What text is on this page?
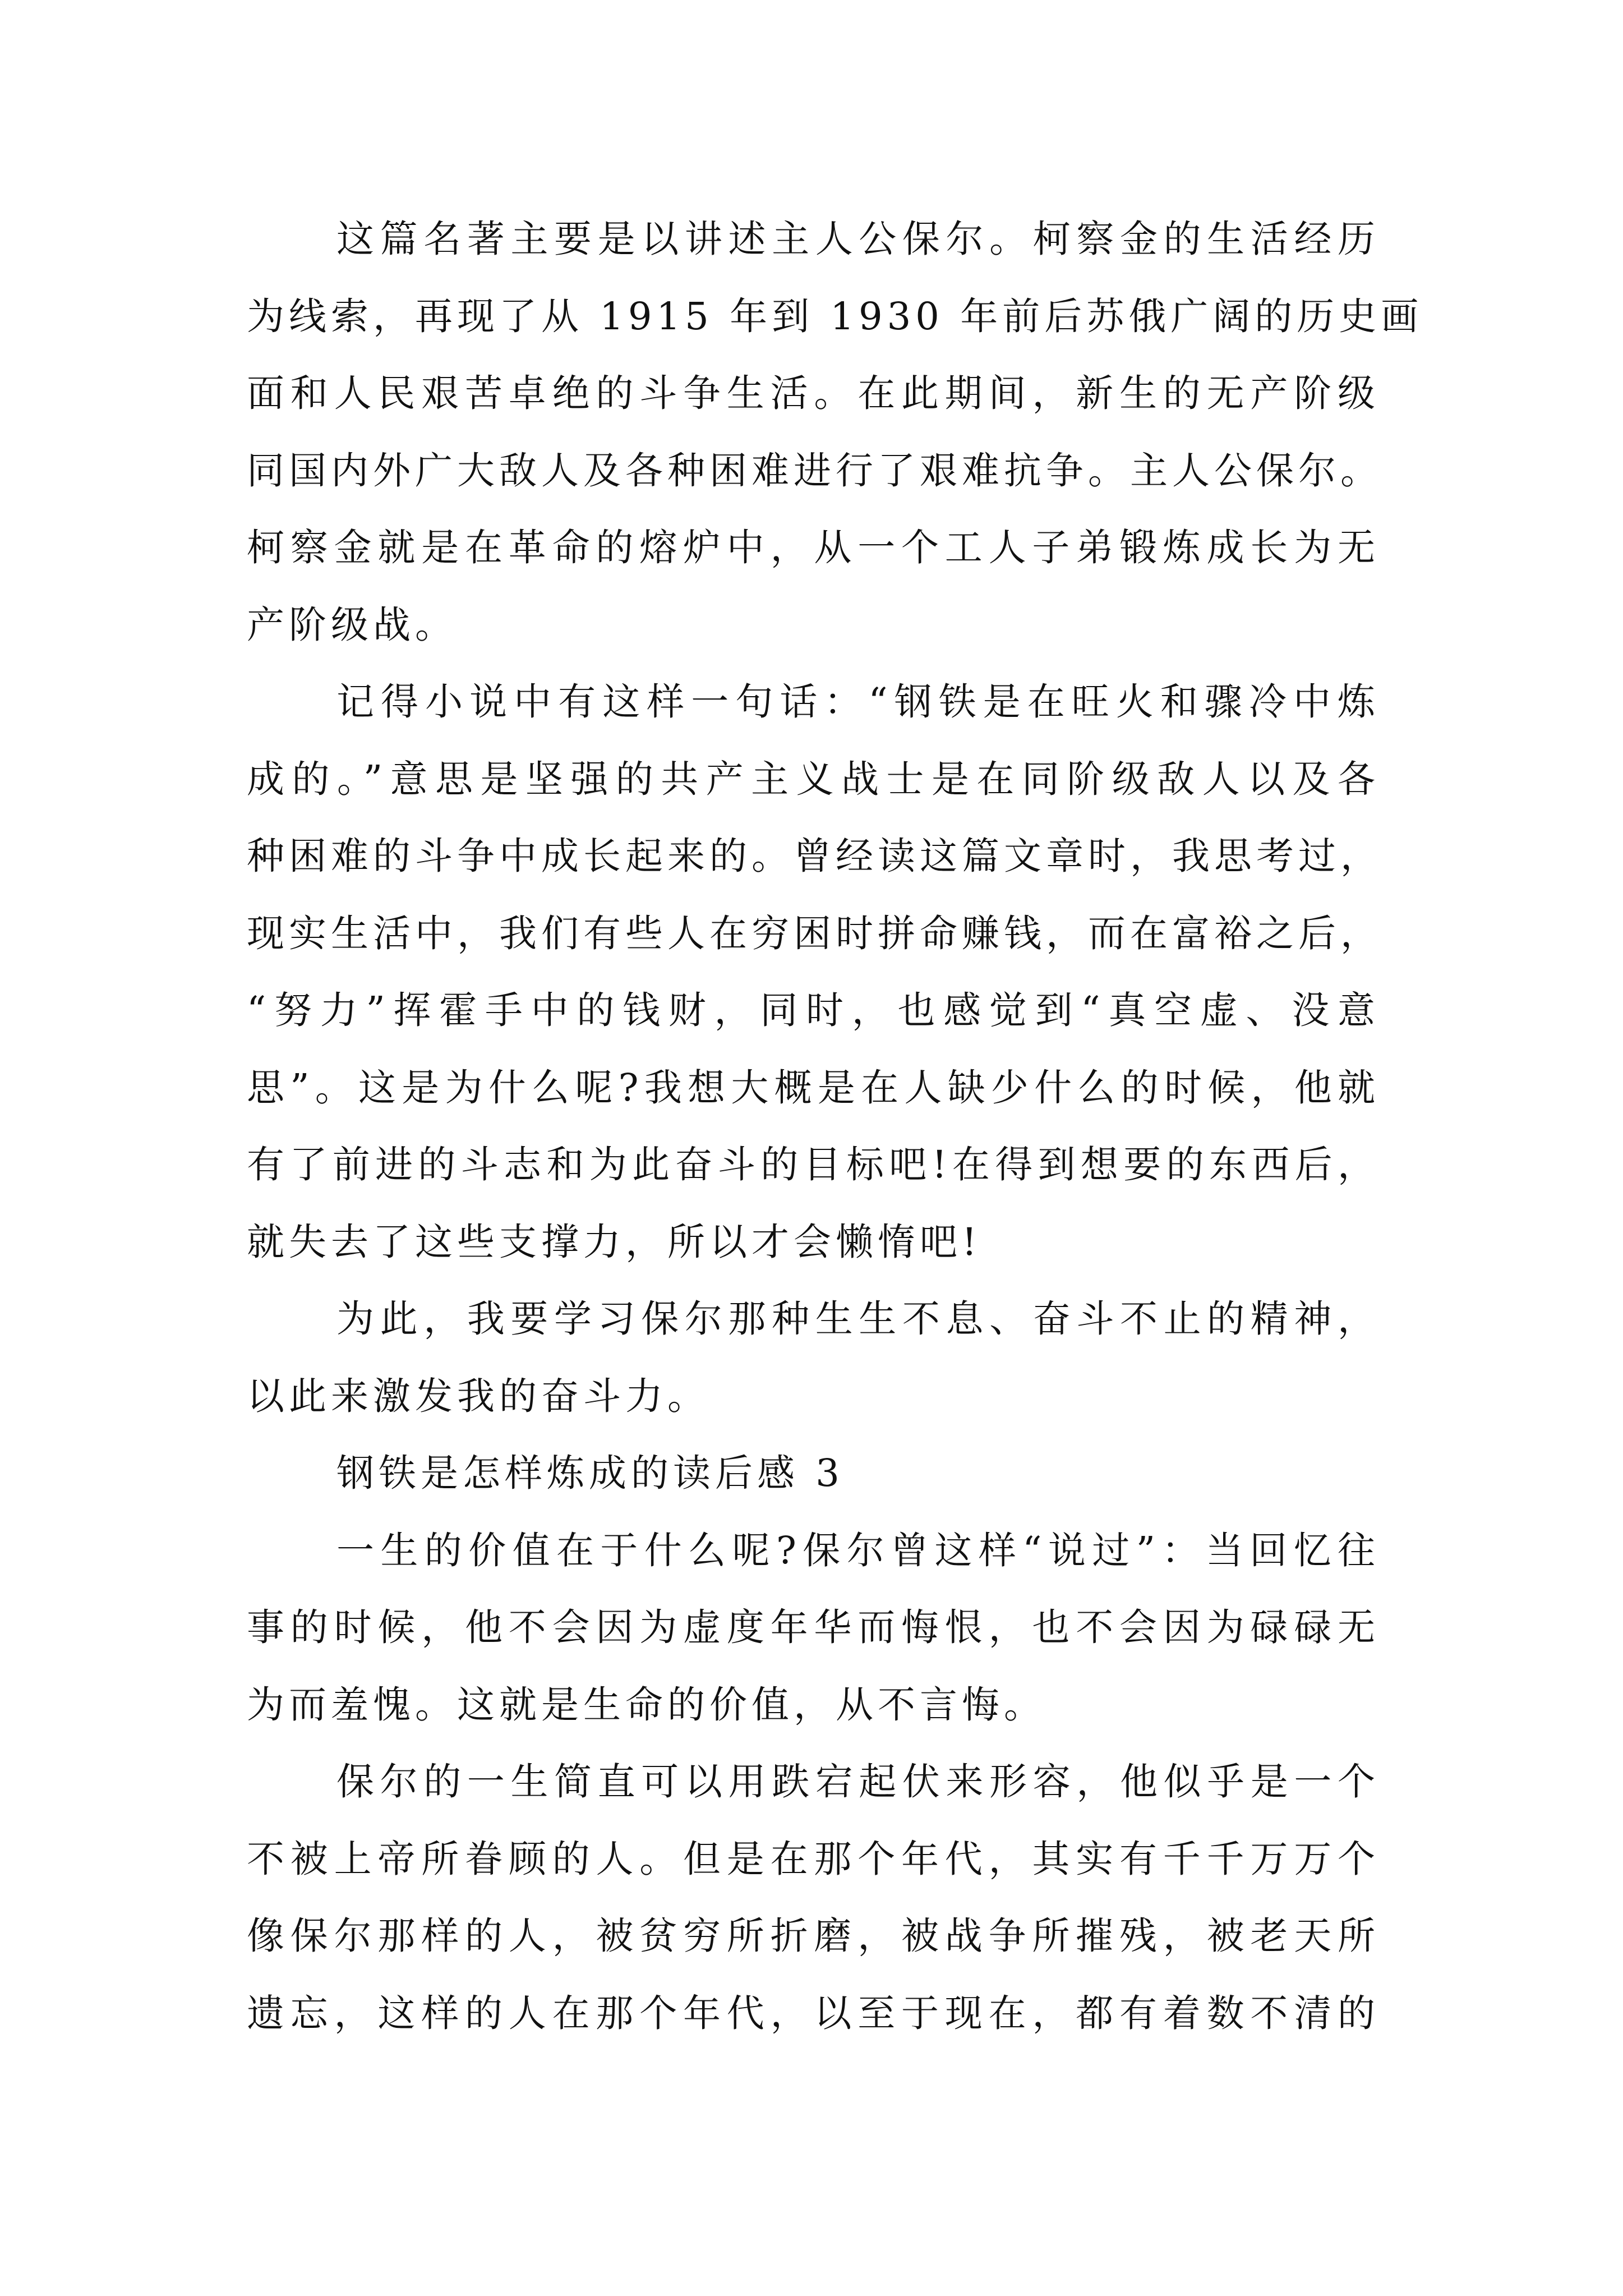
这篇名著主要是以讲述主人公保尔。柯察金的生活经历
为线索，再现了从 1915 年到 1930 年前后苏俄广阔的历史画
面和人民艰苦卓绝的斗争生活。在此期间，新生的无产阶级
同国内外广大敌人及各种困难进行了艰难抗争。主人公保尔。
柯察金就是在革命的熔炉中，从一个工人子弟锻炼成长为无
产阶级战。
记得小说中有这样一句话：“钢铁是在旺火和骤冷中炼
成的。”意思是坚强的共产主义战士是在同阶级敌人以及各
种困难的斗争中成长起来的。曾经读这篇文章时，我思考过，
现实生活中，我们有些人在穷困时拼命赚钱，而在富裕之后，
“努力”挥霍手中的钱财，同时，也感觉到“真空虚、没意
思”。这是为什么呢?我想大概是在人缺少什么的时候，他就
有了前进的斗志和为此奋斗的目标吧!在得到想要的东西后，
就失去了这些支撑力，所以才会懒惰吧!
为此，我要学习保尔那种生生不息、奋斗不止的精神，
以此来激发我的奋斗力。
钢铁是怎样炼成的读后感 3
一生的价值在于什么呢?保尔曾这样“说过”：当回忆往
事的时候，他不会因为虚度年华而悔恨，也不会因为碌碌无
为而羞愧。这就是生命的价值，从不言悔。
保尔的一生简直可以用跌宕起伏来形容，他似乎是一个
不被上帝所眷顾的人。但是在那个年代，其实有千千万万个
像保尔那样的人，被贫穷所折磨，被战争所摧残，被老天所
遗忘，这样的人在那个年代，以至于现在，都有着数不清的
